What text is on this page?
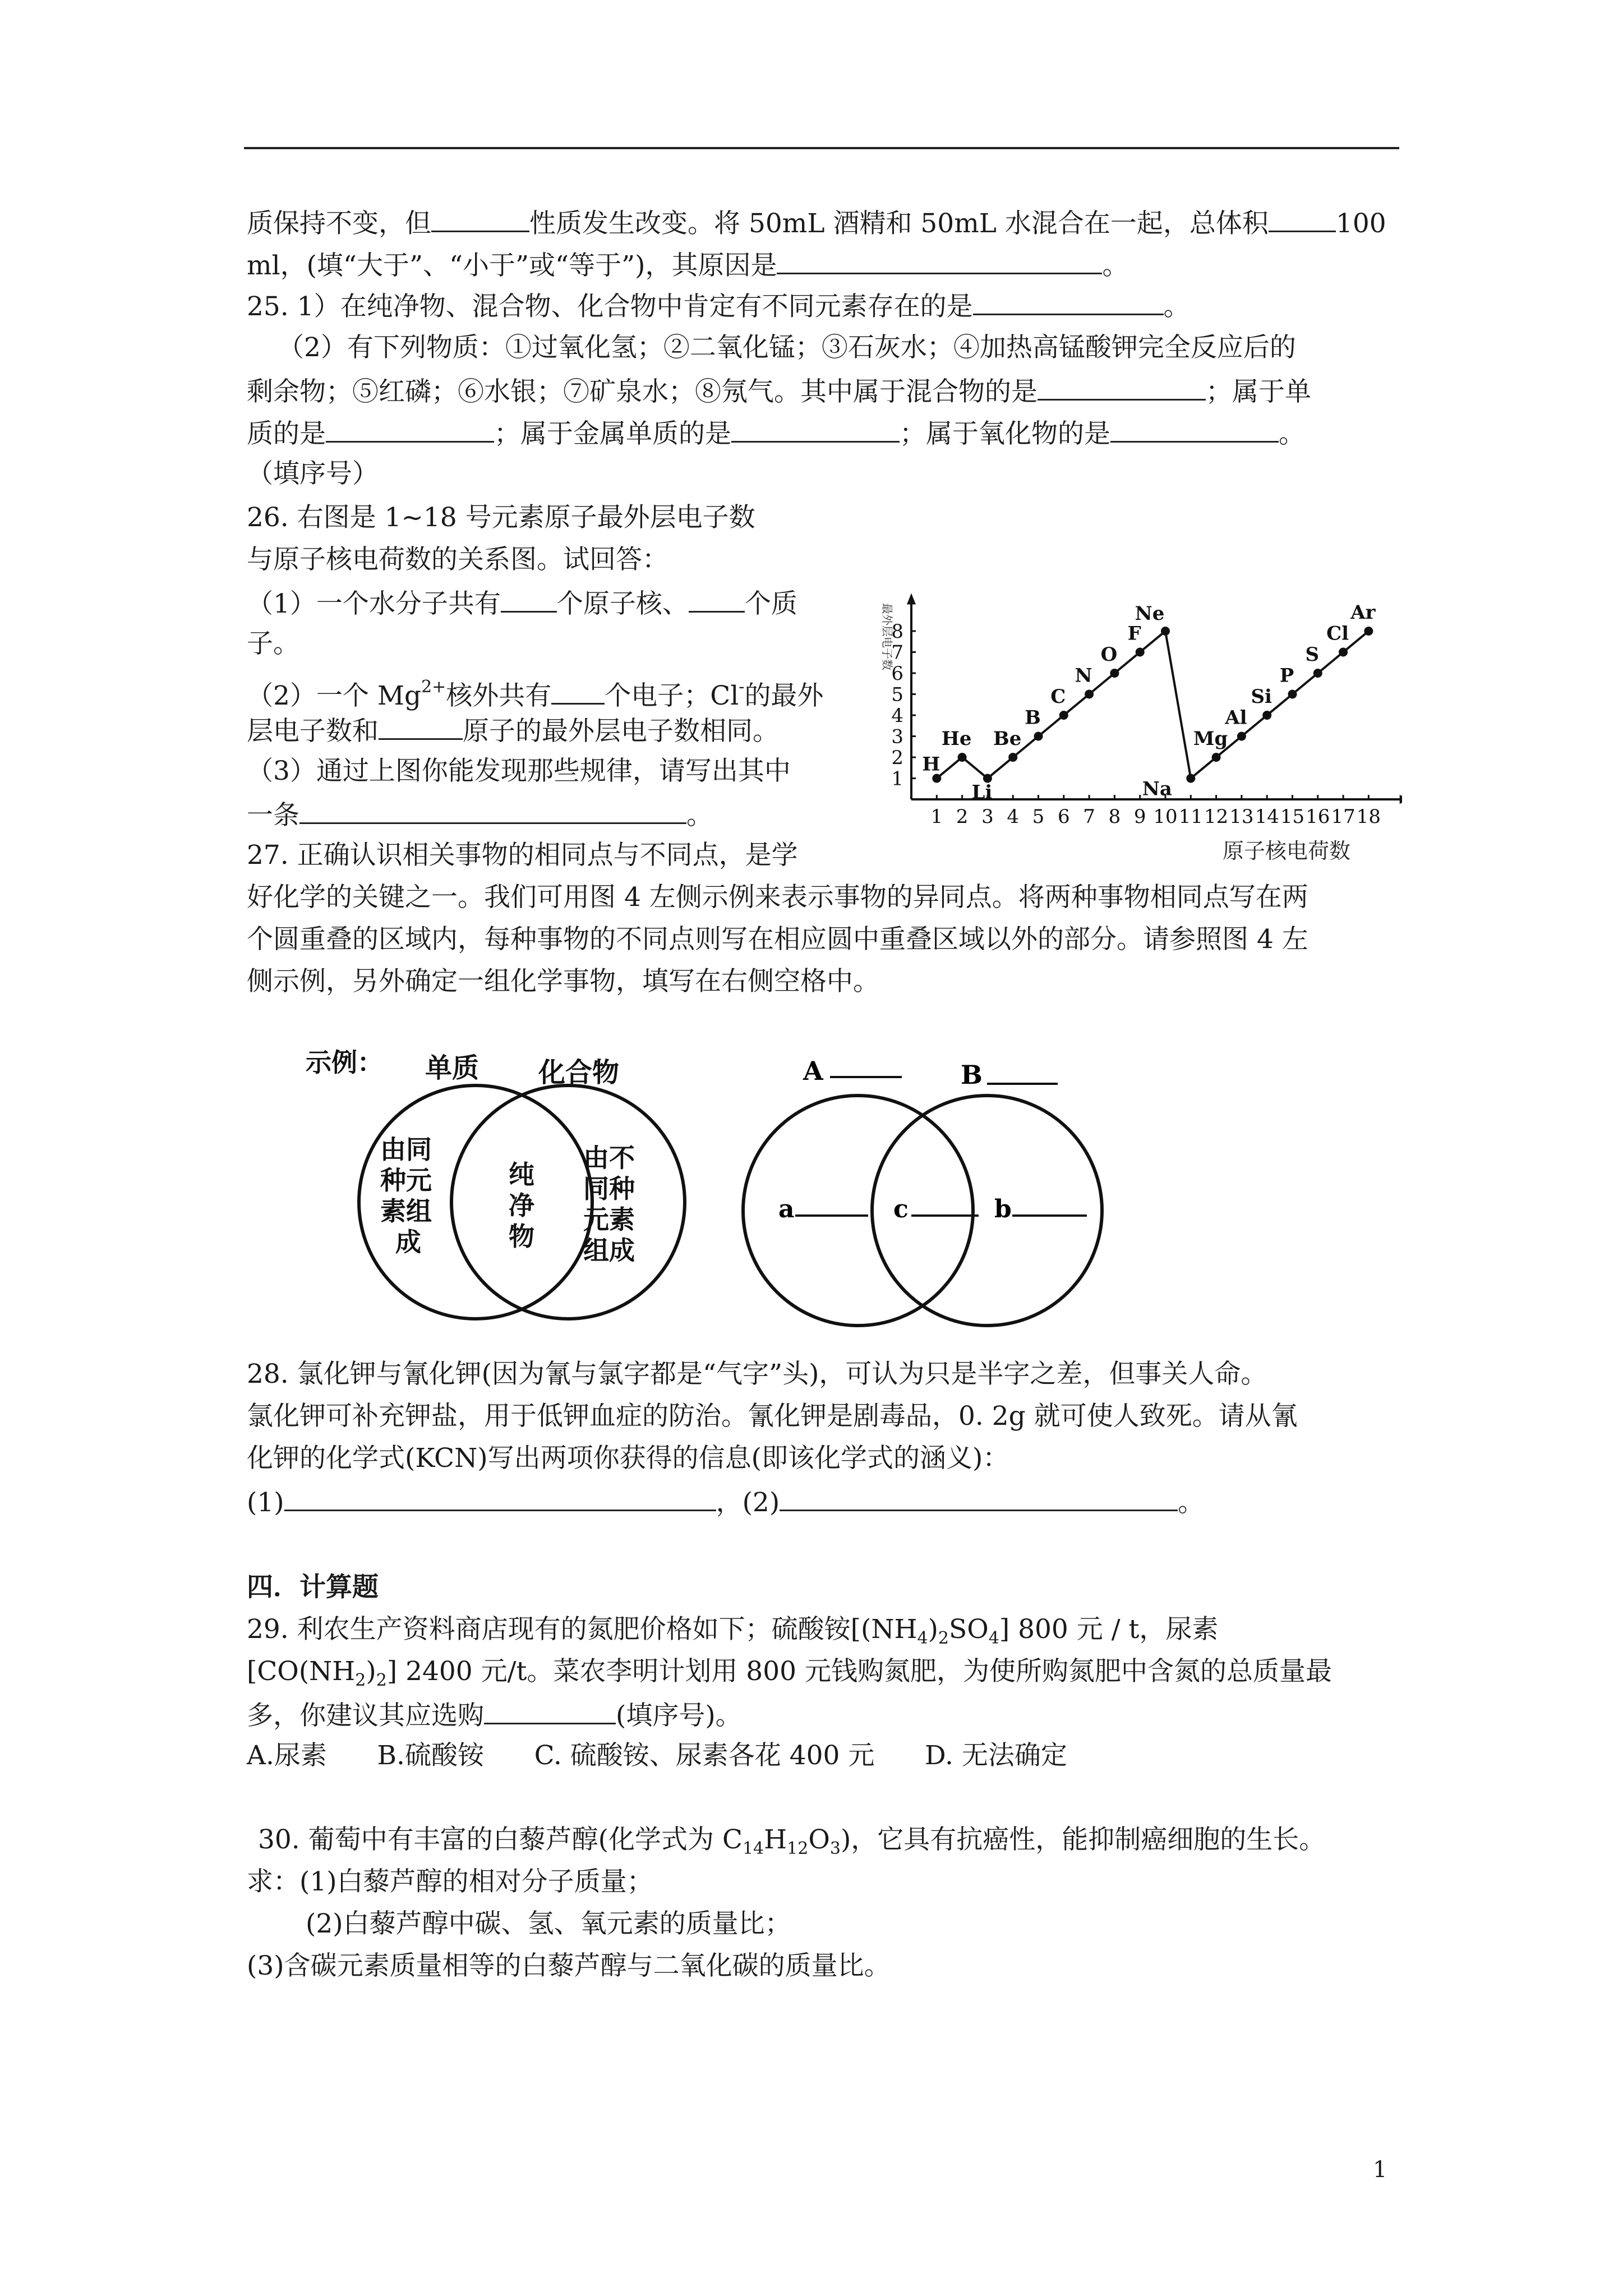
质保持不变，但	性质发生改变。将 50mL 酒精和 50mL 水混合在一起，总体积	100
ml，(填“大于”、“小于”或“等于”)，其原因是	。
25. 1）在纯净物、混合物、化合物中肯定有不同元素存在的是	。
（2）有下列物质：①过氧化氢；②二氧化锰；③石灰水；④加热高锰酸钾完全反应后的
剩余物；⑤红磷；⑥水银；⑦矿泉水；⑧氖气。其中属于混合物的是	；属于单
质的是	；属于金属单质的是	；属于氧化物的是	。
（填序号）
26. 右图是 1~18 号元素原子最外层电子数
与原子核电荷数的关系图。试回答：
（1）一个水分子共有 个原子核、 个质
子。
（2）一个 $Mg^{2+}$核外共有 个电子；Cl-的最外
层电子数和	原子的最外层电子数相同。
（3）通过上图你能发现那些规律，请写出其中
一条	。	1 2 3 4 5 6 7 8 9 10 11 12 13 14 15 16 17 18
1
2
3
4
5
6
7
8
H
He
Li
Be
B
C
N
O
F
Ne
Na
Mg
Al
Si
P
S
Cl
Ar
最外层电子数
原子核电荷数
27. 正确认识相关事物的相同点与不同点，是学
好化学的关键之一。我们可用图 4 左侧示例来表示事物的异同点。将两种事物相同点写在两
个圆重叠的区域内，每种事物的不同点则写在相应圆中重叠区域以外的部分。请参照图 4 左
侧示例，另外确定一组化学事物，填写在右侧空格中。
示例： 单质 化合物
由同
种元
素组
成
纯
净
物
由不
同种
元素
组成
A	B
a	c	b
28. 氯化钾与氰化钾(因为氰与氯字都是“气字”头)，可认为只是半字之差，但事关人命。
氯化钾可补充钾盐，用于低钾血症的防治。氰化钾是剧毒品，0. 2g 就可使人致死。请从氰
化钾的化学式(KCN)写出两项你获得的信息(即该化学式的涵义)：
(1)	，(2)	。
四．计算题
29. 利农生产资料商店现有的氮肥价格如下；硫酸铵$[(NH_4)_2SO_4]$ 800 元 / t，尿素
$[CO(NH_2)_2]$ 2400 元/t。菜农李明计划用 800 元钱购氮肥，为使所购氮肥中含氮的总质量最
多，你建议其应选购	(填序号)。
A.尿素      B.硫酸铵      C. 硫酸铵、尿素各花 400 元      D. 无法确定
30. 葡萄中有丰富的白藜芦醇(化学式为 $C_{14}H_{12}O_3$)，它具有抗癌性，能抑制癌细胞的生长。
求：(1)白藜芦醇的相对分子质量；
(2)白藜芦醇中碳、氢、氧元素的质量比；
(3)含碳元素质量相等的白藜芦醇与二氧化碳的质量比。
1
